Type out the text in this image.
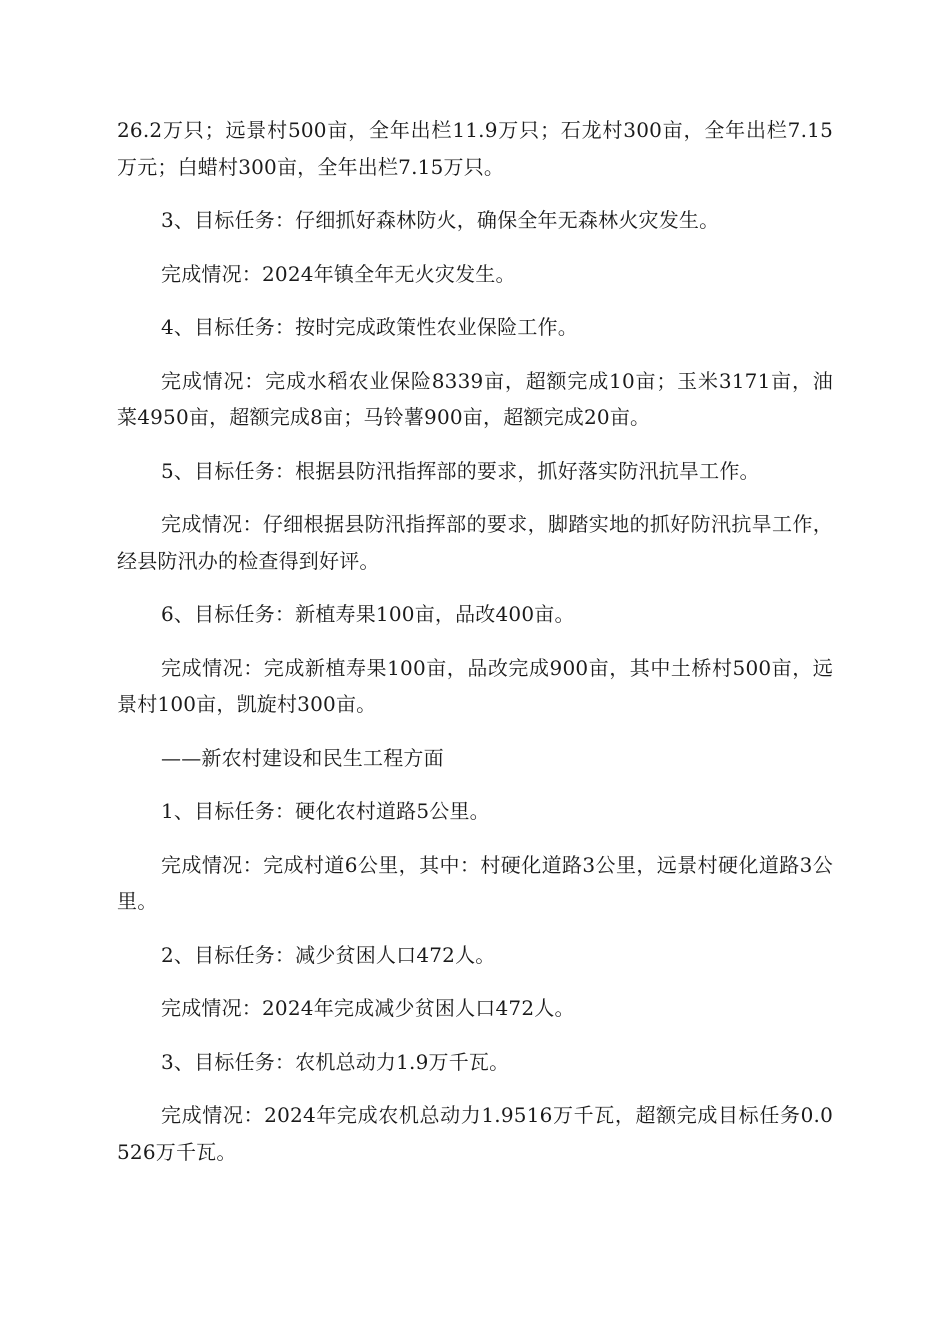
26.2万只；远景村500亩，全年出栏11.9万只；石龙村300亩，全年出栏7.15万元；白蜡村300亩，全年出栏7.15万只。

3、目标任务：仔细抓好森林防火，确保全年无森林火灾发生。

完成情况：2024年镇全年无火灾发生。

4、目标任务：按时完成政策性农业保险工作。

完成情况：完成水稻农业保险8339亩，超额完成10亩；玉米3171亩，油菜4950亩，超额完成8亩；马铃薯900亩，超额完成20亩。

5、目标任务：根据县防汛指挥部的要求，抓好落实防汛抗旱工作。

完成情况：仔细根据县防汛指挥部的要求，脚踏实地的抓好防汛抗旱工作，经县防汛办的检查得到好评。

6、目标任务：新植寿果100亩，品改400亩。

完成情况：完成新植寿果100亩，品改完成900亩，其中土桥村500亩，远景村100亩，凯旋村300亩。

——新农村建设和民生工程方面

1、目标任务：硬化农村道路5公里。

完成情况：完成村道6公里，其中：村硬化道路3公里，远景村硬化道路3公里。

2、目标任务：减少贫困人口472人。

完成情况：2024年完成减少贫困人口472人。

3、目标任务：农机总动力1.9万千瓦。

完成情况：2024年完成农机总动力1.9516万千瓦，超额完成目标任务0.0526万千瓦。
